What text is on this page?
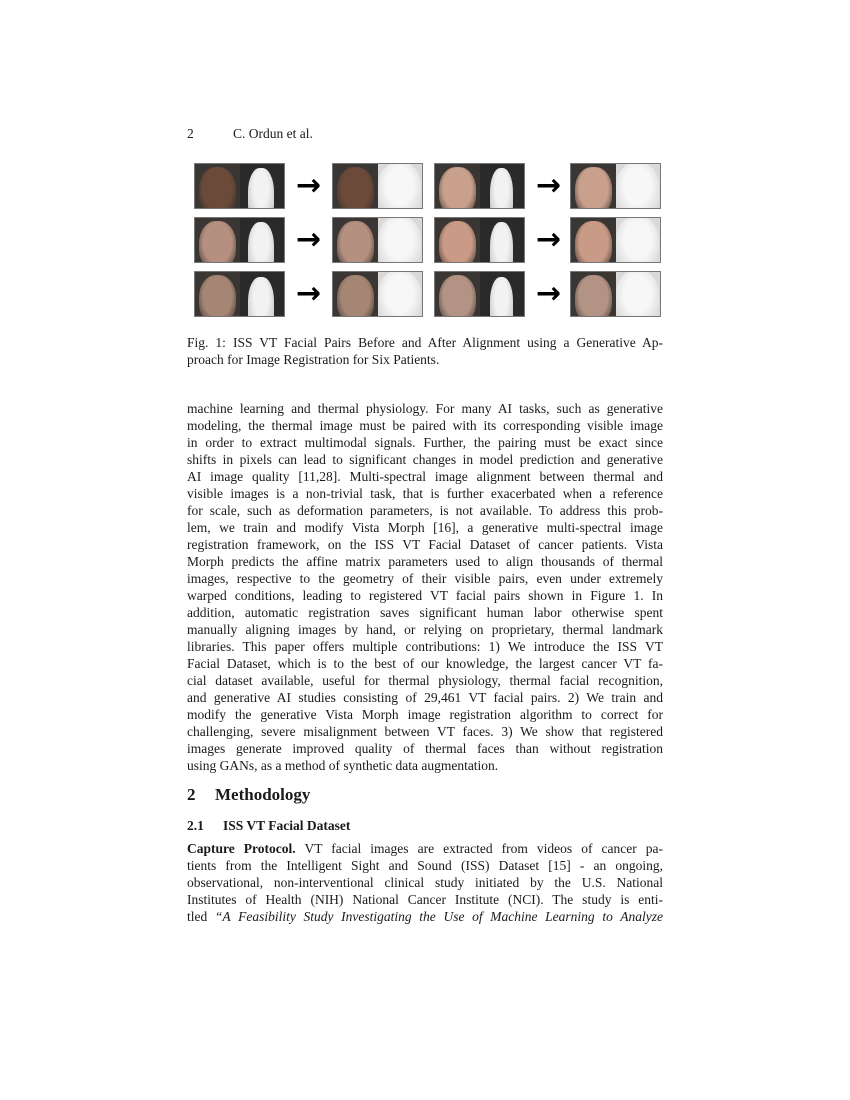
2	C. Ordun et al.
→	→
→	→
→	→
Fig. 1: ISS VT Facial Pairs Before and After Alignment using a Generative Ap-
proach for Image Registration for Six Patients.
machine learning and thermal physiology. For many AI tasks, such as generative
modeling, the thermal image must be paired with its corresponding visible image
in order to extract multimodal signals. Further, the pairing must be exact since
shifts in pixels can lead to significant changes in model prediction and generative
AI image quality [11,28]. Multi-spectral image alignment between thermal and
visible images is a non-trivial task, that is further exacerbated when a reference
for scale, such as deformation parameters, is not available. To address this prob-
lem, we train and modify Vista Morph [16], a generative multi-spectral image
registration framework, on the ISS VT Facial Dataset of cancer patients. Vista
Morph predicts the affine matrix parameters used to align thousands of thermal
images, respective to the geometry of their visible pairs, even under extremely
warped conditions, leading to registered VT facial pairs shown in Figure 1. In
addition, automatic registration saves significant human labor otherwise spent
manually aligning images by hand, or relying on proprietary, thermal landmark
libraries. This paper offers multiple contributions: 1) We introduce the ISS VT
Facial Dataset, which is to the best of our knowledge, the largest cancer VT fa-
cial dataset available, useful for thermal physiology, thermal facial recognition,
and generative AI studies consisting of 29,461 VT facial pairs. 2) We train and
modify the generative Vista Morph image registration algorithm to correct for
challenging, severe misalignment between VT faces. 3) We show that registered
images generate improved quality of thermal faces than without registration
using GANs, as a method of synthetic data augmentation.
2 Methodology
2.1 ISS VT Facial Dataset
Capture Protocol. VT facial images are extracted from videos of cancer pa-
tients from the Intelligent Sight and Sound (ISS) Dataset [15] - an ongoing,
observational, non-interventional clinical study initiated by the U.S. National
Institutes of Health (NIH) National Cancer Institute (NCI). The study is enti-
tled “A Feasibility Study Investigating the Use of Machine Learning to Analyze
